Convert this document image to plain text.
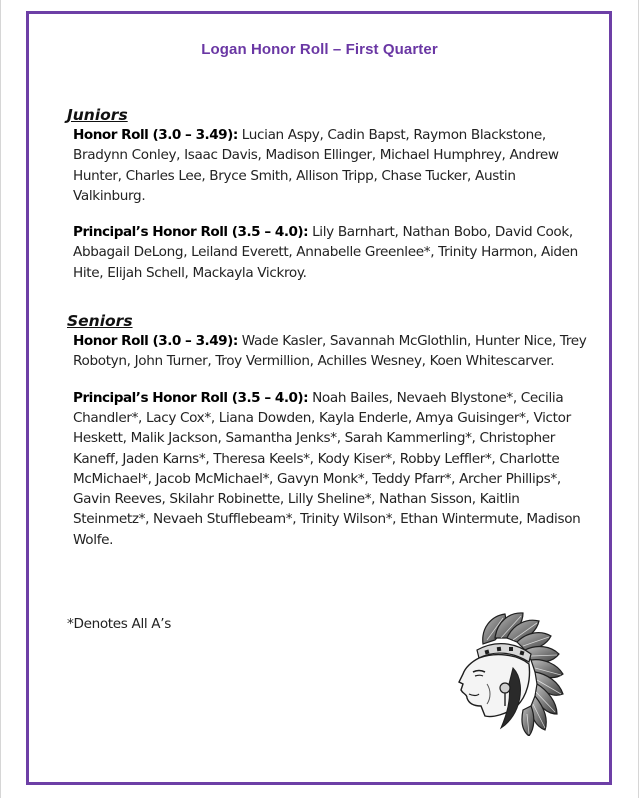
Logan Honor Roll – First Quarter

Juniors

Honor Roll (3.0 – 3.49): Lucian Aspy, Cadin Bapst, Raymon Blackstone, Bradynn Conley, Isaac Davis, Madison Ellinger, Michael Humphrey, Andrew Hunter, Charles Lee, Bryce Smith, Allison Tripp, Chase Tucker, Austin Valkinburg.

Principal’s Honor Roll (3.5 – 4.0): Lily Barnhart, Nathan Bobo, David Cook, Abbagail DeLong, Leiland Everett, Annabelle Greenlee*, Trinity Harmon, Aiden Hite, Elijah Schell, Mackayla Vickroy.

Seniors

Honor Roll (3.0 – 3.49): Wade Kasler, Savannah McGlothlin, Hunter Nice, Trey Robotyn, John Turner, Troy Vermillion, Achilles Wesney, Koen Whitescarver.

Principal’s Honor Roll (3.5 – 4.0): Noah Bailes, Nevaeh Blystone*, Cecilia Chandler*, Lacy Cox*, Liana Dowden, Kayla Enderle, Amya Guisinger*, Victor Heskett, Malik Jackson, Samantha Jenks*, Sarah Kammerling*, Christopher Kaneff, Jaden Karns*, Theresa Keels*, Kody Kiser*, Robby Leffler*, Charlotte McMichael*, Jacob McMichael*, Gavyn Monk*, Teddy Pfarr*, Archer Phillips*, Gavin Reeves, Skilahr Robinette, Lilly Sheline*, Nathan Sisson, Kaitlin Steinmetz*, Nevaeh Stufflebeam*, Trinity Wilson*, Ethan Wintermute, Madison Wolfe.

*Denotes All A’s
